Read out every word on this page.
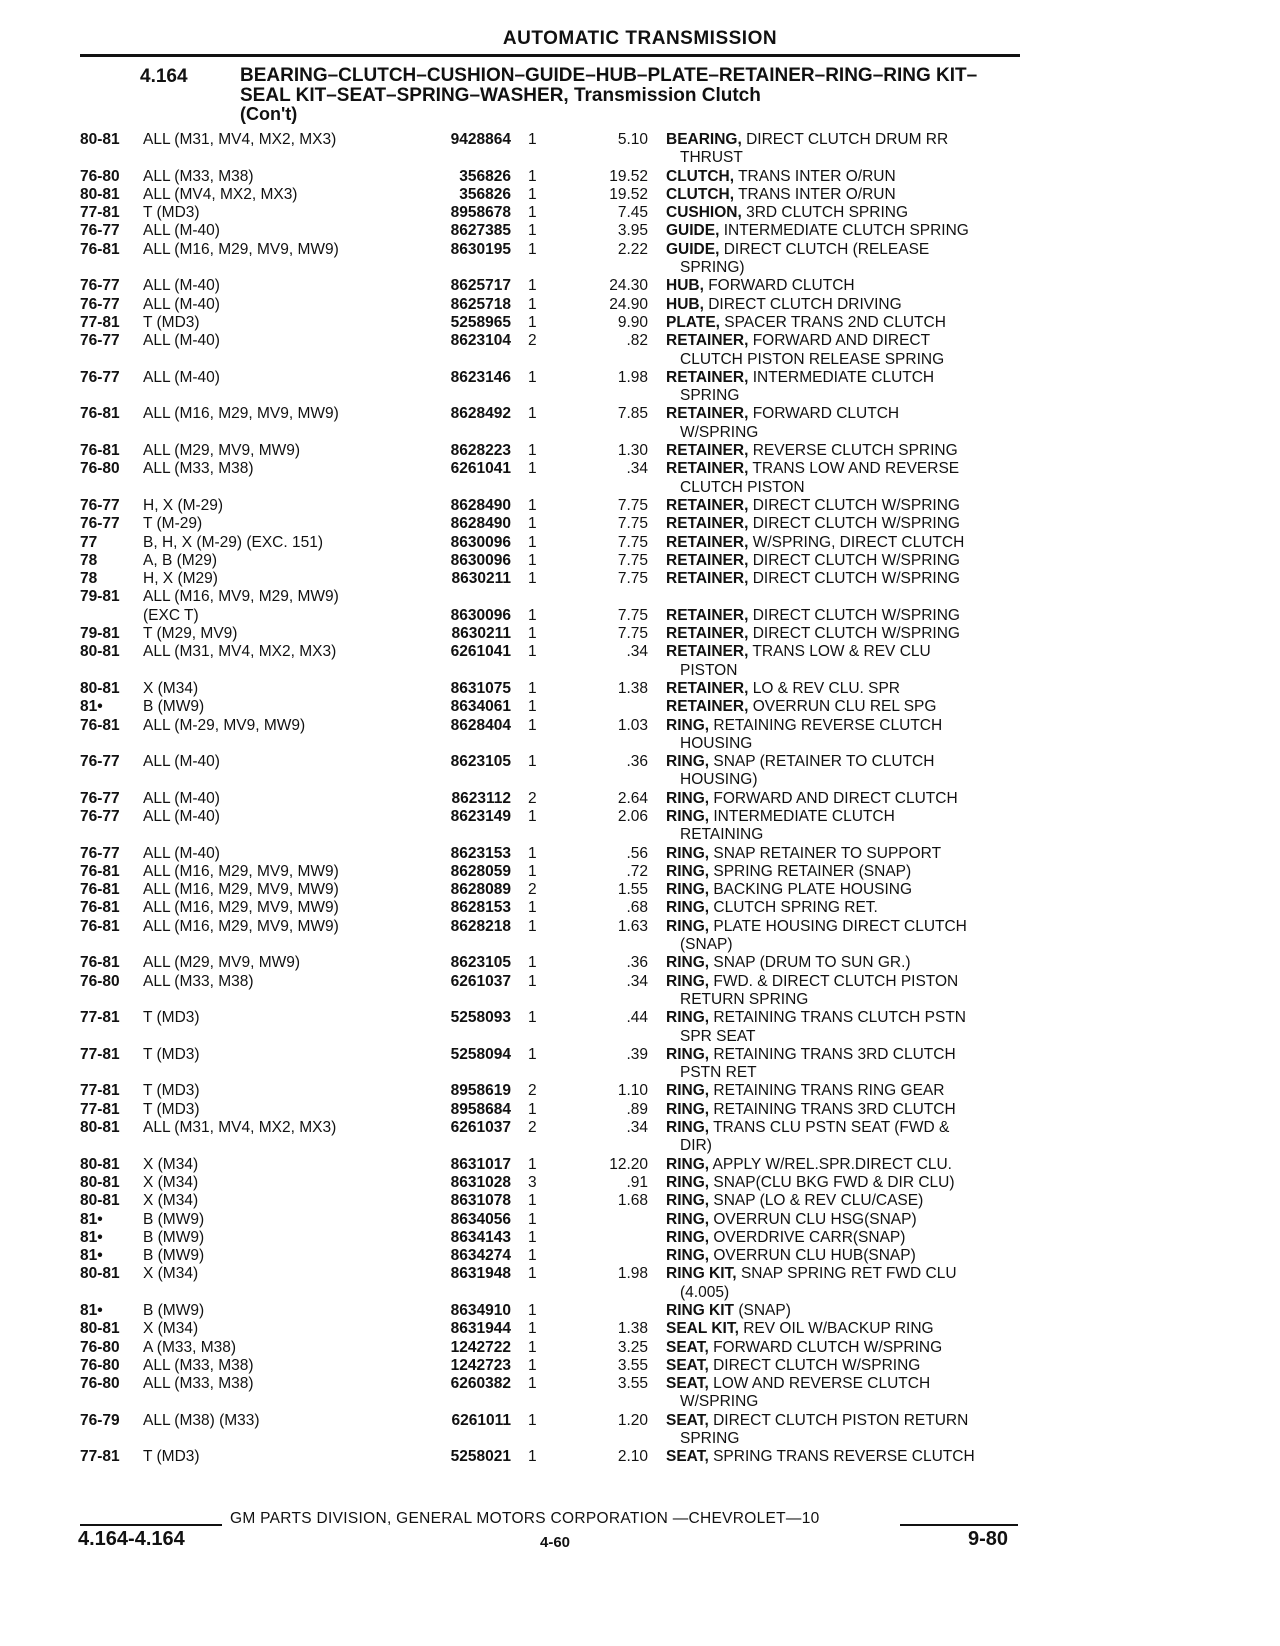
AUTOMATIC TRANSMISSION
4.164	BEARING–CLUTCH–CUSHION–GUIDE–HUB–PLATE–RETAINER–RING–RING KIT–SEAL KIT–SEAT–SPRING–WASHER, Transmission Clutch
(Con't)
80-81	ALL (M31, MV4, MX2, MX3)	9428864 1	5.10 BEARING, DIRECT CLUTCH DRUM RR
THRUST
76-80	ALL (M33, M38)	356826 1	19.52 CLUTCH, TRANS INTER O/RUN
80-81	ALL (MV4, MX2, MX3)	356826 1	19.52 CLUTCH, TRANS INTER O/RUN
77-81	T (MD3)	8958678 1	7.45 CUSHION, 3RD CLUTCH SPRING
76-77	ALL (M-40)	8627385 1	3.95 GUIDE, INTERMEDIATE CLUTCH SPRING
76-81	ALL (M16, M29, MV9, MW9)	8630195 1	2.22 GUIDE, DIRECT CLUTCH (RELEASE
SPRING)
76-77	ALL (M-40)	8625717 1	24.30 HUB, FORWARD CLUTCH
76-77	ALL (M-40)	8625718 1	24.90 HUB, DIRECT CLUTCH DRIVING
77-81	T (MD3)	5258965 1	9.90 PLATE, SPACER TRANS 2ND CLUTCH
76-77	ALL (M-40)	8623104 2	.82 RETAINER, FORWARD AND DIRECT
CLUTCH PISTON RELEASE SPRING
76-77	ALL (M-40)	8623146 1	1.98 RETAINER, INTERMEDIATE CLUTCH
SPRING
76-81	ALL (M16, M29, MV9, MW9)	8628492 1	7.85 RETAINER, FORWARD CLUTCH
W/SPRING
76-81	ALL (M29, MV9, MW9)	8628223 1	1.30 RETAINER, REVERSE CLUTCH SPRING
76-80	ALL (M33, M38)	6261041 1	.34 RETAINER, TRANS LOW AND REVERSE
CLUTCH PISTON
76-77	H, X (M-29)	8628490 1	7.75 RETAINER, DIRECT CLUTCH W/SPRING
76-77	T (M-29)	8628490 1	7.75 RETAINER, DIRECT CLUTCH W/SPRING
77	B, H, X (M-29) (EXC. 151)	8630096 1	7.75 RETAINER, W/SPRING, DIRECT CLUTCH
78	A, B (M29)	8630096 1	7.75 RETAINER, DIRECT CLUTCH W/SPRING
78	H, X (M29)	8630211 1	7.75 RETAINER, DIRECT CLUTCH W/SPRING
79-81	ALL (M16, MV9, M29, MW9)

(EXC T)	8630096 1	7.75 RETAINER, DIRECT CLUTCH W/SPRING
79-81	T (M29, MV9)	8630211 1	7.75 RETAINER, DIRECT CLUTCH W/SPRING
80-81	ALL (M31, MV4, MX2, MX3)	6261041 1	.34 RETAINER, TRANS LOW & REV CLU
PISTON
80-81	X (M34)	8631075 1	1.38 RETAINER, LO & REV CLU. SPR
81•	B (MW9)	8634061 1	RETAINER, OVERRUN CLU REL SPG
76-81	ALL (M-29, MV9, MW9)	8628404 1	1.03 RING, RETAINING REVERSE CLUTCH
HOUSING
76-77	ALL (M-40)	8623105 1	.36 RING, SNAP (RETAINER TO CLUTCH
HOUSING)
76-77	ALL (M-40)	8623112 2	2.64 RING, FORWARD AND DIRECT CLUTCH
76-77	ALL (M-40)	8623149 1	2.06 RING, INTERMEDIATE CLUTCH
RETAINING
76-77	ALL (M-40)	8623153 1	.56 RING, SNAP RETAINER TO SUPPORT
76-81	ALL (M16, M29, MV9, MW9)	8628059 1	.72 RING, SPRING RETAINER (SNAP)
76-81	ALL (M16, M29, MV9, MW9)	8628089 2	1.55 RING, BACKING PLATE HOUSING
76-81	ALL (M16, M29, MV9, MW9)	8628153 1	.68 RING, CLUTCH SPRING RET.
76-81	ALL (M16, M29, MV9, MW9)	8628218 1	1.63 RING, PLATE HOUSING DIRECT CLUTCH
(SNAP)
76-81	ALL (M29, MV9, MW9)	8623105 1	.36 RING, SNAP (DRUM TO SUN GR.)
76-80	ALL (M33, M38)	6261037 1	.34 RING, FWD. & DIRECT CLUTCH PISTON
RETURN SPRING
77-81	T (MD3)	5258093 1	.44 RING, RETAINING TRANS CLUTCH PSTN
SPR SEAT
77-81	T (MD3)	5258094 1	.39 RING, RETAINING TRANS 3RD CLUTCH
PSTN RET
77-81	T (MD3)	8958619 2	1.10 RING, RETAINING TRANS RING GEAR
77-81	T (MD3)	8958684 1	.89 RING, RETAINING TRANS 3RD CLUTCH
80-81	ALL (M31, MV4, MX2, MX3)	6261037 2	.34 RING, TRANS CLU PSTN SEAT (FWD &
DIR)
80-81	X (M34)	8631017 1	12.20 RING, APPLY W/REL.SPR.DIRECT CLU.
80-81	X (M34)	8631028 3	.91 RING, SNAP(CLU BKG FWD & DIR CLU)
80-81	X (M34)	8631078 1	1.68 RING, SNAP (LO & REV CLU/CASE)
81•	B (MW9)	8634056 1	RING, OVERRUN CLU HSG(SNAP)
81•	B (MW9)	8634143 1	RING, OVERDRIVE CARR(SNAP)
81•	B (MW9)	8634274 1	RING, OVERRUN CLU HUB(SNAP)
80-81	X (M34)	8631948 1	1.98 RING KIT, SNAP SPRING RET FWD CLU
(4.005)
81•	B (MW9)	8634910 1	RING KIT (SNAP)
80-81	X (M34)	8631944 1	1.38 SEAL KIT, REV OIL W/BACKUP RING
76-80	A (M33, M38)	1242722 1	3.25 SEAT, FORWARD CLUTCH W/SPRING
76-80	ALL (M33, M38)	1242723 1	3.55 SEAT, DIRECT CLUTCH W/SPRING
76-80	ALL (M33, M38)	6260382 1	3.55 SEAT, LOW AND REVERSE CLUTCH
W/SPRING
76-79	ALL (M38) (M33)	6261011 1	1.20 SEAT, DIRECT CLUTCH PISTON RETURN
SPRING
77-81	T (MD3)	5258021 1	2.10 SEAT, SPRING TRANS REVERSE CLUTCH
GM PARTS DIVISION, GENERAL MOTORS CORPORATION —CHEVROLET—10
4.164-4.164	4-60	9-80
